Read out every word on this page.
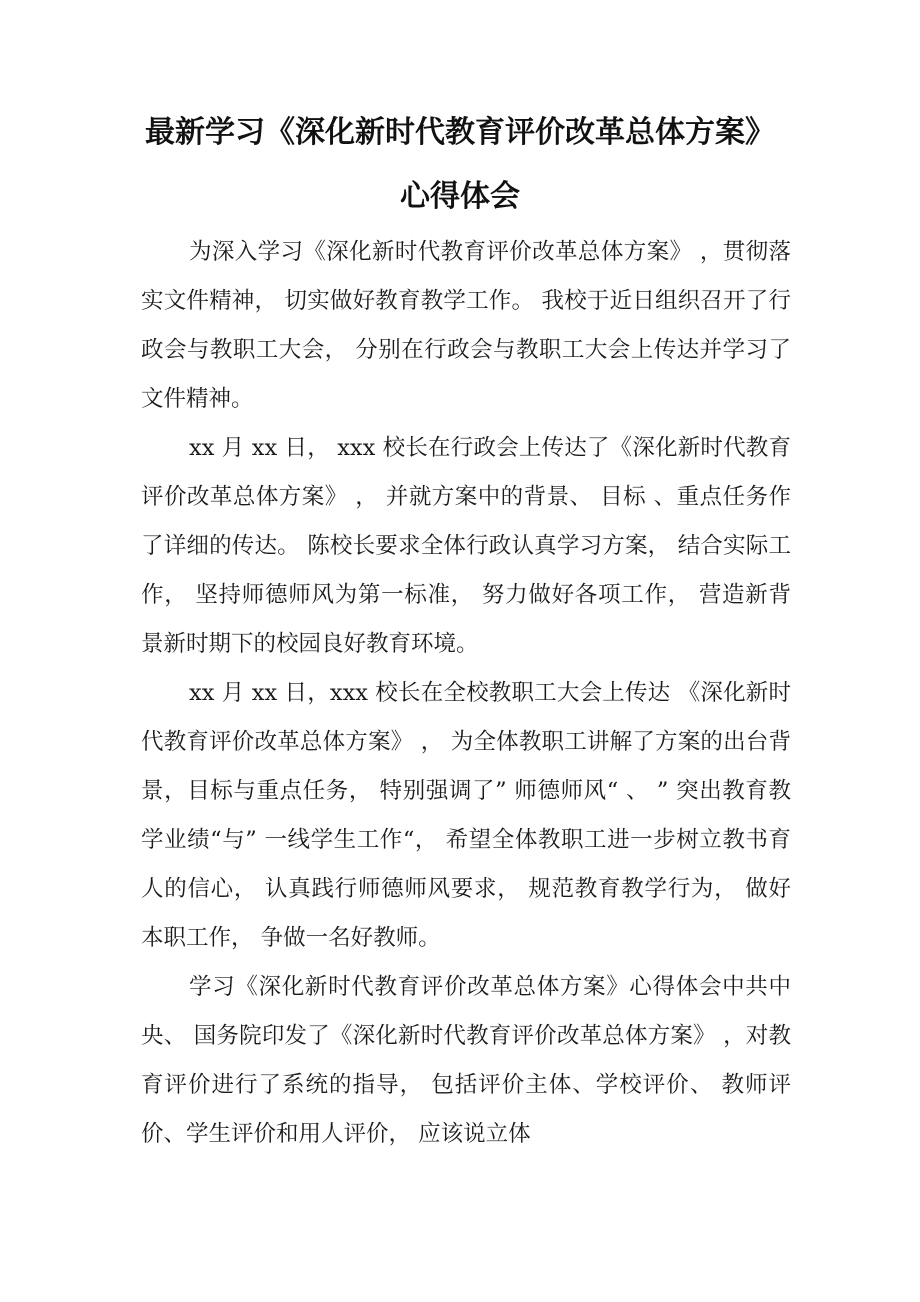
最新学习《深化新时代教育评价改革总体方案》
心得体会

为深入学习《深化新时代教育评价改革总体方案》 ，贯彻落实文件精神， 切实做好教育教学工作。 我校于近日组织召开了行政会与教职工大会， 分别在行政会与教职工大会上传达并学习了文件精神。

xx 月 xx 日， xxx 校长在行政会上传达了《深化新时代教育评价改革总体方案》 ， 并就方案中的背景、 目标 、重点任务作了详细的传达。 陈校长要求全体行政认真学习方案， 结合实际工作， 坚持师德师风为第一标准， 努力做好各项工作， 营造新背景新时期下的校园良好教育环境。

xx 月 xx 日，xxx 校长在全校教职工大会上传达 《深化新时代教育评价改革总体方案》 ， 为全体教职工讲解了方案的出台背景，目标与重点任务， 特别强调了” 师德师风“ 、 ” 突出教育教学业绩“与” 一线学生工作“， 希望全体教职工进一步树立教书育人的信心， 认真践行师德师风要求， 规范教育教学行为， 做好本职工作， 争做一名好教师。

学习《深化新时代教育评价改革总体方案》心得体会中共中央、 国务院印发了《深化新时代教育评价改革总体方案》 ，对教育评价进行了系统的指导， 包括评价主体、学校评价、 教师评价、学生评价和用人评价， 应该说立体
